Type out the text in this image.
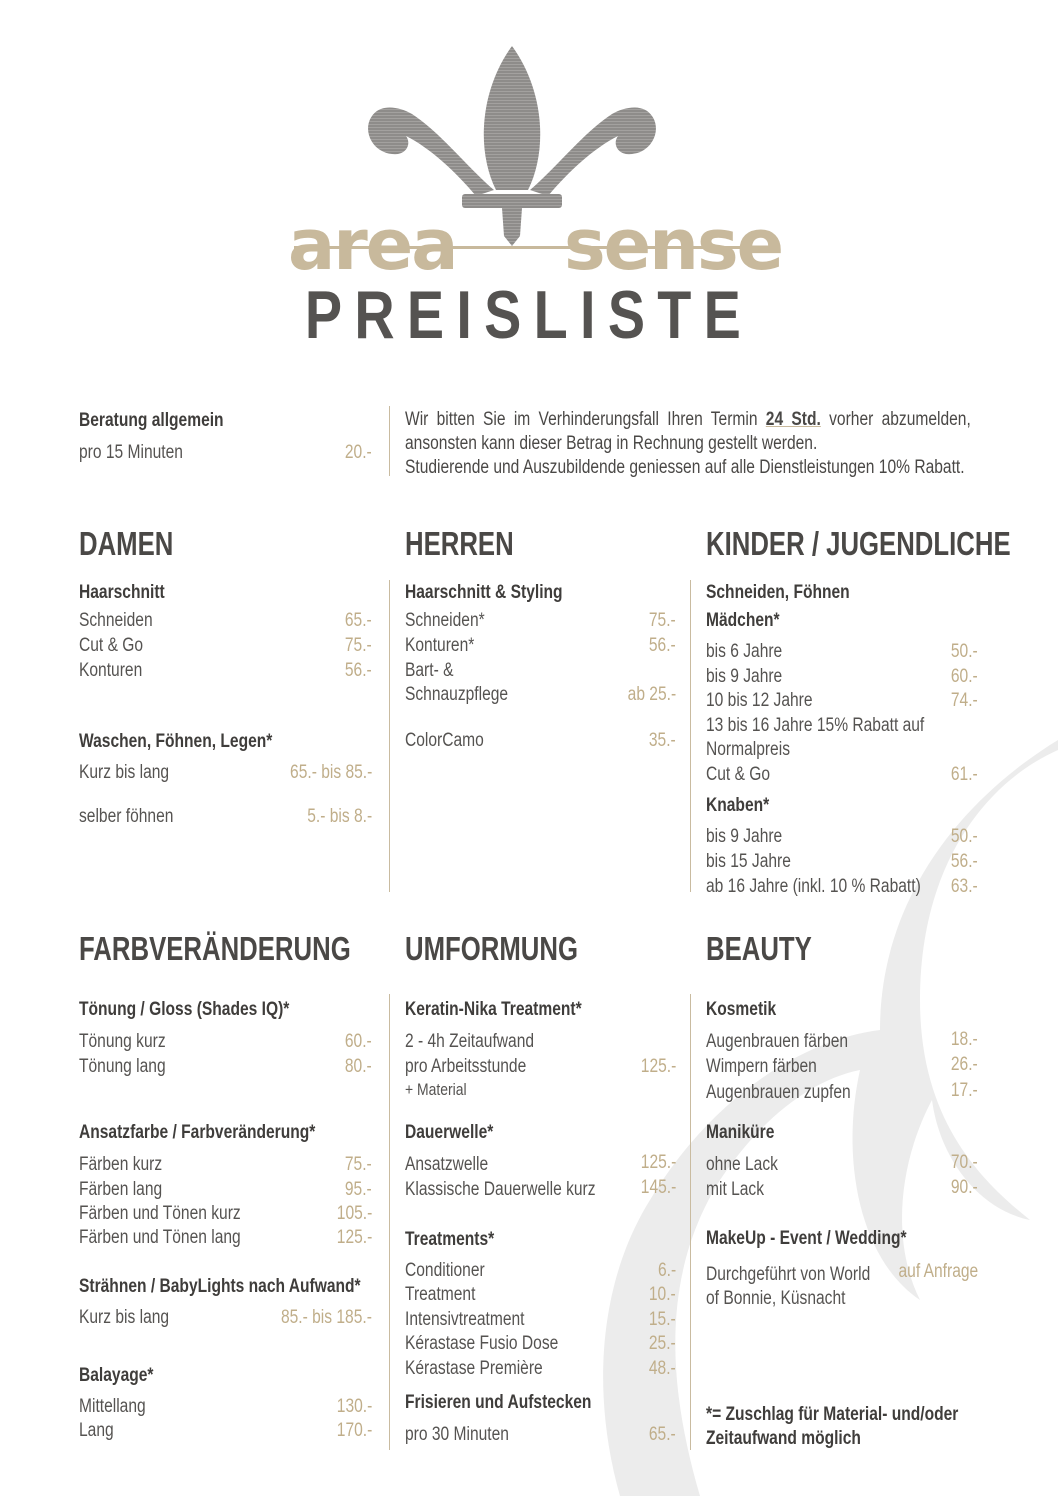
area sense
PREISLISTE
Beratung allgemein
pro 15 Minuten	20.-
Wir bitten Sie im Verhinderungsfall Ihren Termin 24 Std. vorher abzumelden,
ansonsten kann dieser Betrag in Rechnung gestellt werden.
Studierende und Auszubildende geniessen auf alle Dienstleistungen 10% Rabatt.
DAMEN
Haarschnitt
Schneiden	65.-
Cut & Go	75.-
Konturen	56.-
Waschen, Föhnen, Legen*
Kurz bis lang	65.- bis 85.-
selber föhnen	5.- bis 8.-
HERREN
Haarschnitt & Styling
Schneiden*	75.-
Konturen*	56.-
Bart- &
Schnauzpflege	ab 25.-
ColorCamo	35.-
KINDER / JUGENDLICHE
Schneiden, Föhnen
Mädchen*
bis 6 Jahre	50.-
bis 9 Jahre	60.-
10 bis 12 Jahre	74.-
13 bis 16 Jahre 15% Rabatt auf
Normalpreis
Cut & Go	61.-
Knaben*
bis 9 Jahre	50.-
bis 15 Jahre	56.-
ab 16 Jahre (inkl. 10 % Rabatt) 63.-
FARBVERÄNDERUNG
Tönung / Gloss (Shades IQ)*
Tönung kurz	60.-
Tönung lang	80.-
Ansatzfarbe / Farbveränderung*
Färben kurz	75.-
Färben lang	95.-
Färben und Tönen kurz	105.-
Färben und Tönen lang	125.-
Strähnen / BabyLights nach Aufwand*
Kurz bis lang	85.- bis 185.-
Balayage*
Mittellang	130.-
Lang	170.-
UMFORMUNG
Keratin-Nika Treatment*
2 - 4h Zeitaufwand
pro Arbeitsstunde	125.-
+ Material
Dauerwelle*
Ansatzwelle	125.-
Klassische Dauerwelle kurz 145.-
Treatments*
Conditioner	6.-
Treatment	10.-
Intensivtreatment	15.-
Kérastase Fusio Dose	25.-
Kérastase Première	48.-
Frisieren und Aufstecken
pro 30 Minuten	65.-
BEAUTY
Kosmetik
Augenbrauen färben	18.-
Wimpern färben	26.-
Augenbrauen zupfen	17.-
Maniküre
ohne Lack	70.-
mit Lack	90.-
MakeUp - Event / Wedding*
Durchgeführt von World
of Bonnie, Küsnacht
auf Anfrage
*= Zuschlag für Material- und/oder
Zeitaufwand möglich
